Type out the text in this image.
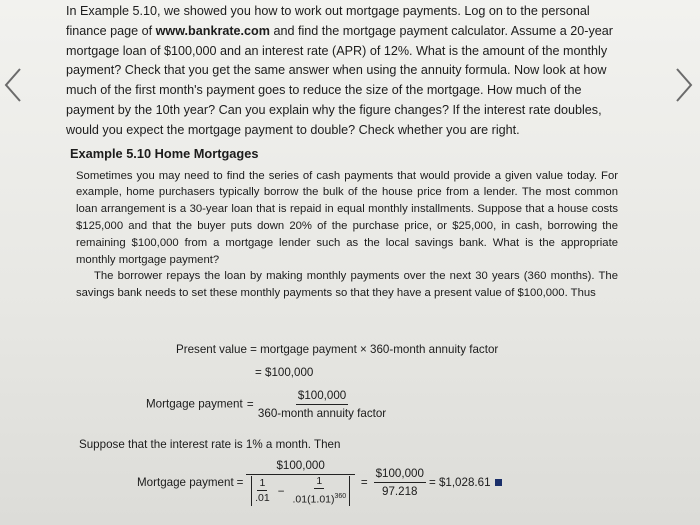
In Example 5.10, we showed you how to work out mortgage payments. Log on to the personal finance page of www.bankrate.com and find the mortgage payment calculator. Assume a 20-year mortgage loan of $100,000 and an interest rate (APR) of 12%. What is the amount of the monthly payment? Check that you get the same answer when using the annuity formula. Now look at how much of the first month's payment goes to reduce the size of the mortgage. How much of the payment by the 10th year? Can you explain why the figure changes? If the interest rate doubles, would you expect the mortgage payment to double? Check whether you are right.

Example 5.10 Home Mortgages

Sometimes you may need to find the series of cash payments that would provide a given value today. For example, home purchasers typically borrow the bulk of the house price from a lender. The most common loan arrangement is a 30-year loan that is repaid in equal monthly installments. Suppose that a house costs $125,000 and that the buyer puts down 20% of the purchase price, or $25,000, in cash, borrowing the remaining $100,000 from a mortgage lender such as the local savings bank. What is the appropriate monthly mortgage payment?

The borrower repays the loan by making monthly payments over the next 30 years (360 months). The savings bank needs to set these monthly payments so that they have a present value of $100,000. Thus

Present value = mortgage payment × 360-month annuity factor
= $100,000
Mortgage payment = $\frac{\$100,000}{\text{360-month annuity factor}}$
Suppose that the interest rate is 1% a month. Then
Mortgage payment =
$100,000
$\frac{1}{.01} - \frac{1}{.01(1.01)^{360}} = \frac{\$100,000}{97.218}$ = $1,028.61
